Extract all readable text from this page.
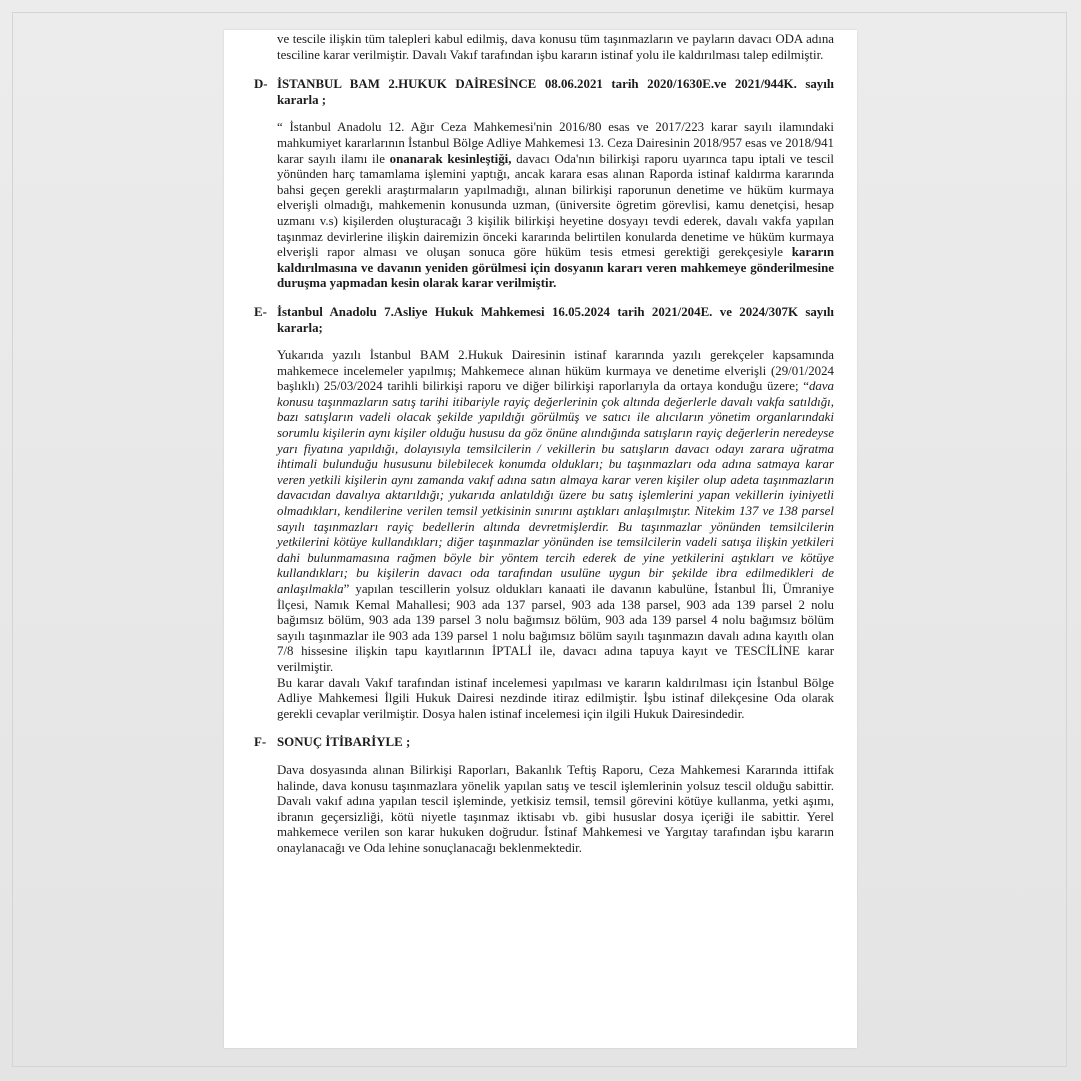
ve tescile ilişkin tüm talepleri kabul edilmiş, dava konusu tüm taşınmazların ve payların davacı ODA adına tesciline karar verilmiştir. Davalı Vakıf tarafından işbu kararın istinaf yolu ile kaldırılması talep edilmiştir.

D- İSTANBUL BAM 2.HUKUK DAİRESİNCE 08.06.2021 tarih 2020/1630E.ve 2021/944K. sayılı kararla ;

“ İstanbul Anadolu 12. Ağır Ceza Mahkemesi'nin 2016/80 esas ve 2017/223 karar sayılı ilamındaki mahkumiyet kararlarının İstanbul Bölge Adliye Mahkemesi 13. Ceza Dairesinin 2018/957 esas ve 2018/941 karar sayılı ilamı ile onanarak kesinleştiği, davacı Oda'nın bilirkişi raporu uyarınca tapu iptali ve tescil yönünden harç tamamlama işlemini yaptığı, ancak karara esas alınan Raporda istinaf kaldırma kararında bahsi geçen gerekli araştırmaların yapılmadığı, alınan bilirkişi raporunun denetime ve hüküm kurmaya elverişli olmadığı, mahkemenin konusunda uzman, (üniversite ögretim görevlisi, kamu denetçisi, hesap uzmanı v.s) kişilerden oluşturacağı 3 kişilik bilirkişi heyetine dosyayı tevdi ederek, davalı vakfa yapılan taşınmaz devirlerine ilişkin dairemizin önceki kararında belirtilen konularda denetime ve hüküm kurmaya elverişli rapor alması ve oluşan sonuca göre hüküm tesis etmesi gerektiği gerekçesiyle kararın kaldırılmasına ve davanın yeniden görülmesi için dosyanın kararı veren mahkemeye gönderilmesine duruşma yapmadan kesin olarak karar verilmiştir.

E- İstanbul Anadolu 7.Asliye Hukuk Mahkemesi 16.05.2024 tarih 2021/204E. ve 2024/307K sayılı kararla;

Yukarıda yazılı İstanbul BAM 2.Hukuk Dairesinin istinaf kararında yazılı gerekçeler kapsamında mahkemece incelemeler yapılmış; Mahkemece alınan hüküm kurmaya ve denetime elverişli (29/01/2024 başlıklı) 25/03/2024 tarihli bilirkişi raporu ve diğer bilirkişi raporlarıyla da ortaya konduğu üzere; “dava konusu taşınmazların satış tarihi itibariyle rayiç değerlerinin çok altında değerlerle davalı vakfa satıldığı, bazı satışların vadeli olacak şekilde yapıldığı görülmüş ve satıcı ile alıcıların yönetim organlarındaki sorumlu kişilerin aynı kişiler olduğu hususu da göz önüne alındığında satışların rayiç değerlerin neredeyse yarı fiyatına yapıldığı, dolayısıyla temsilcilerin / vekillerin bu satışların davacı odayı zarara uğratma ihtimali bulunduğu hususunu bilebilecek konumda oldukları; bu taşınmazları oda adına satmaya karar veren yetkili kişilerin aynı zamanda vakıf adına satın almaya karar veren kişiler olup adeta taşınmazların davacıdan davalıya aktarıldığı; yukarıda anlatıldığı üzere bu satış işlemlerini yapan vekillerin iyiniyetli olmadıkları, kendilerine verilen temsil yetkisinin sınırını aştıkları anlaşılmıştır. Nitekim 137 ve 138 parsel sayılı taşınmazları rayiç bedellerin altında devretmişlerdir. Bu taşınmazlar yönünden temsilcilerin yetkilerini kötüye kullandıkları; diğer taşınmazlar yönünden ise temsilcilerin vadeli satışa ilişkin yetkileri dahi bulunmamasına rağmen böyle bir yöntem tercih ederek de yine yetkilerini aştıkları ve kötüye kullandıkları; bu kişilerin davacı oda tarafından usulüne uygun bir şekilde ibra edilmedikleri de anlaşılmakla” yapılan tescillerin yolsuz oldukları kanaati ile davanın kabulüne, İstanbul İli, Ümraniye İlçesi, Namık Kemal Mahallesi; 903 ada 137 parsel, 903 ada 138 parsel, 903 ada 139 parsel 2 nolu bağımsız bölüm, 903 ada 139 parsel 3 nolu bağımsız bölüm, 903 ada 139 parsel 4 nolu bağımsız bölüm sayılı taşınmazlar ile 903 ada 139 parsel 1 nolu bağımsız bölüm sayılı taşınmazın davalı adına kayıtlı olan 7/8 hissesine ilişkin tapu kayıtlarının İPTALİ ile, davacı adına tapuya kayıt ve TESCİLİNE karar verilmiştir.

Bu karar davalı Vakıf tarafından istinaf incelemesi yapılması ve kararın kaldırılması için İstanbul Bölge Adliye Mahkemesi İlgili Hukuk Dairesi nezdinde itiraz edilmiştir. İşbu istinaf dilekçesine Oda olarak gerekli cevaplar verilmiştir. Dosya halen istinaf incelemesi için ilgili Hukuk Dairesindedir.

F- SONUÇ İTİBARİYLE ;

Dava dosyasında alınan Bilirkişi Raporları, Bakanlık Teftiş Raporu, Ceza Mahkemesi Kararında ittifak halinde, dava konusu taşınmazlara yönelik yapılan satış ve tescil işlemlerinin yolsuz tescil olduğu sabittir. Davalı vakıf adına yapılan tescil işleminde, yetkisiz temsil, temsil görevini kötüye kullanma, yetki aşımı, ibranın geçersizliği, kötü niyetle taşınmaz iktisabı vb. gibi hususlar dosya içeriği ile sabittir. Yerel mahkemece verilen son karar hukuken doğrudur. İstinaf Mahkemesi ve Yargıtay tarafından işbu kararın onaylanacağı ve Oda lehine sonuçlanacağı beklenmektedir.
